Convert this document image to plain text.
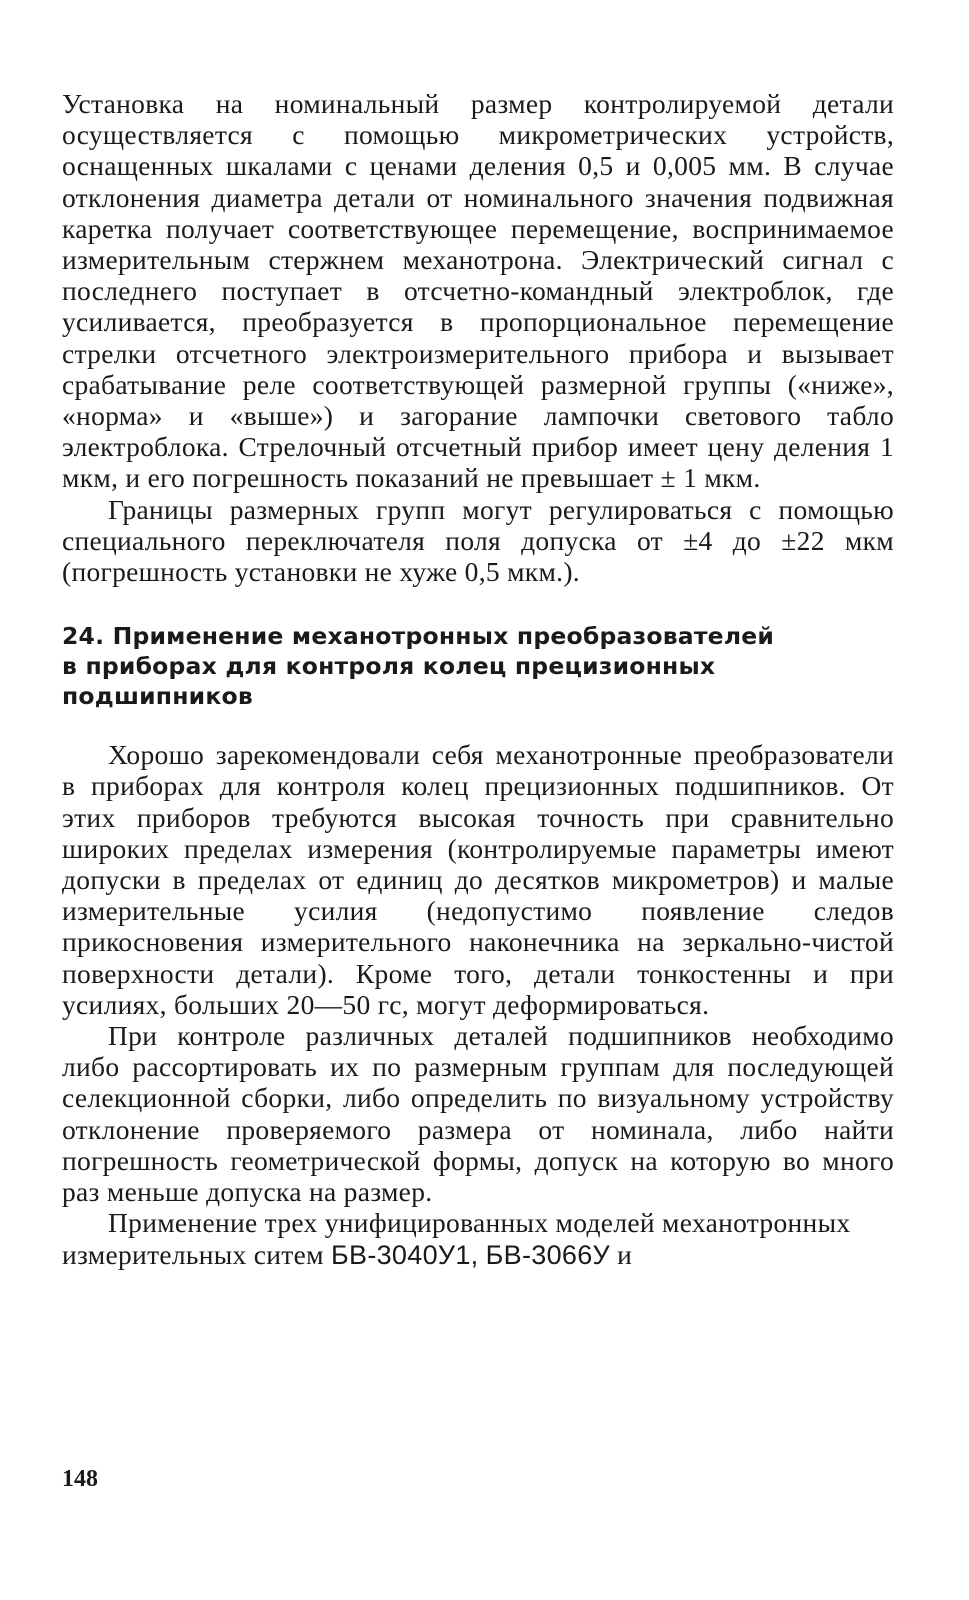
Установка на номинальный размер контролируемой детали осуществляется с помощью микрометрических устройств, оснащенных шкалами с ценами деления 0,5 и 0,005 мм. В случае отклонения диаметра детали от номинального значения подвижная каретка получает соответствующее перемещение, воспринимаемое измерительным стержнем механотрона. Электрический сигнал с последнего поступает в отсчетно-командный электроблок, где усиливается, преобразуется в пропорциональное перемещение стрелки отсчетного электроизмерительного прибора и вызывает срабатывание реле соответствующей размерной группы («ниже», «норма» и «выше») и загорание лампочки светового табло электроблока. Стрелочный отсчетный прибор имеет цену деления 1 мкм, и его погрешность показаний не превышает ± 1 мкм.

Границы размерных групп могут регулироваться с помощью специального переключателя поля допуска от ±4 до ±22 мкм (погрешность установки не хуже 0,5 мкм.).

24. Применение механотронных преобразователей
в приборах для контроля колец прецизионных
подшипников

Хорошо зарекомендовали себя механотронные преобразователи в приборах для контроля колец прецизионных подшипников. От этих приборов требуются высокая точность при сравнительно широких пределах измерения (контролируемые параметры имеют допуски в пределах от единиц до десятков микрометров) и малые измерительные усилия (недопустимо появление следов прикосновения измерительного наконечника на зеркально-чистой поверхности детали). Кроме того, детали тонкостенны и при усилиях, больших 20—50 гс, могут деформироваться.

При контроле различных деталей подшипников необходимо либо рассортировать их по размерным группам для последующей селекционной сборки, либо определить по визуальному устройству отклонение проверяемого размера от номинала, либо найти погрешность геометрической формы, допуск на которую во много раз меньше допуска на размер.

Применение трех унифицированных моделей механотронных измерительных ситем БВ-3040У1, БВ-3066У и

148
